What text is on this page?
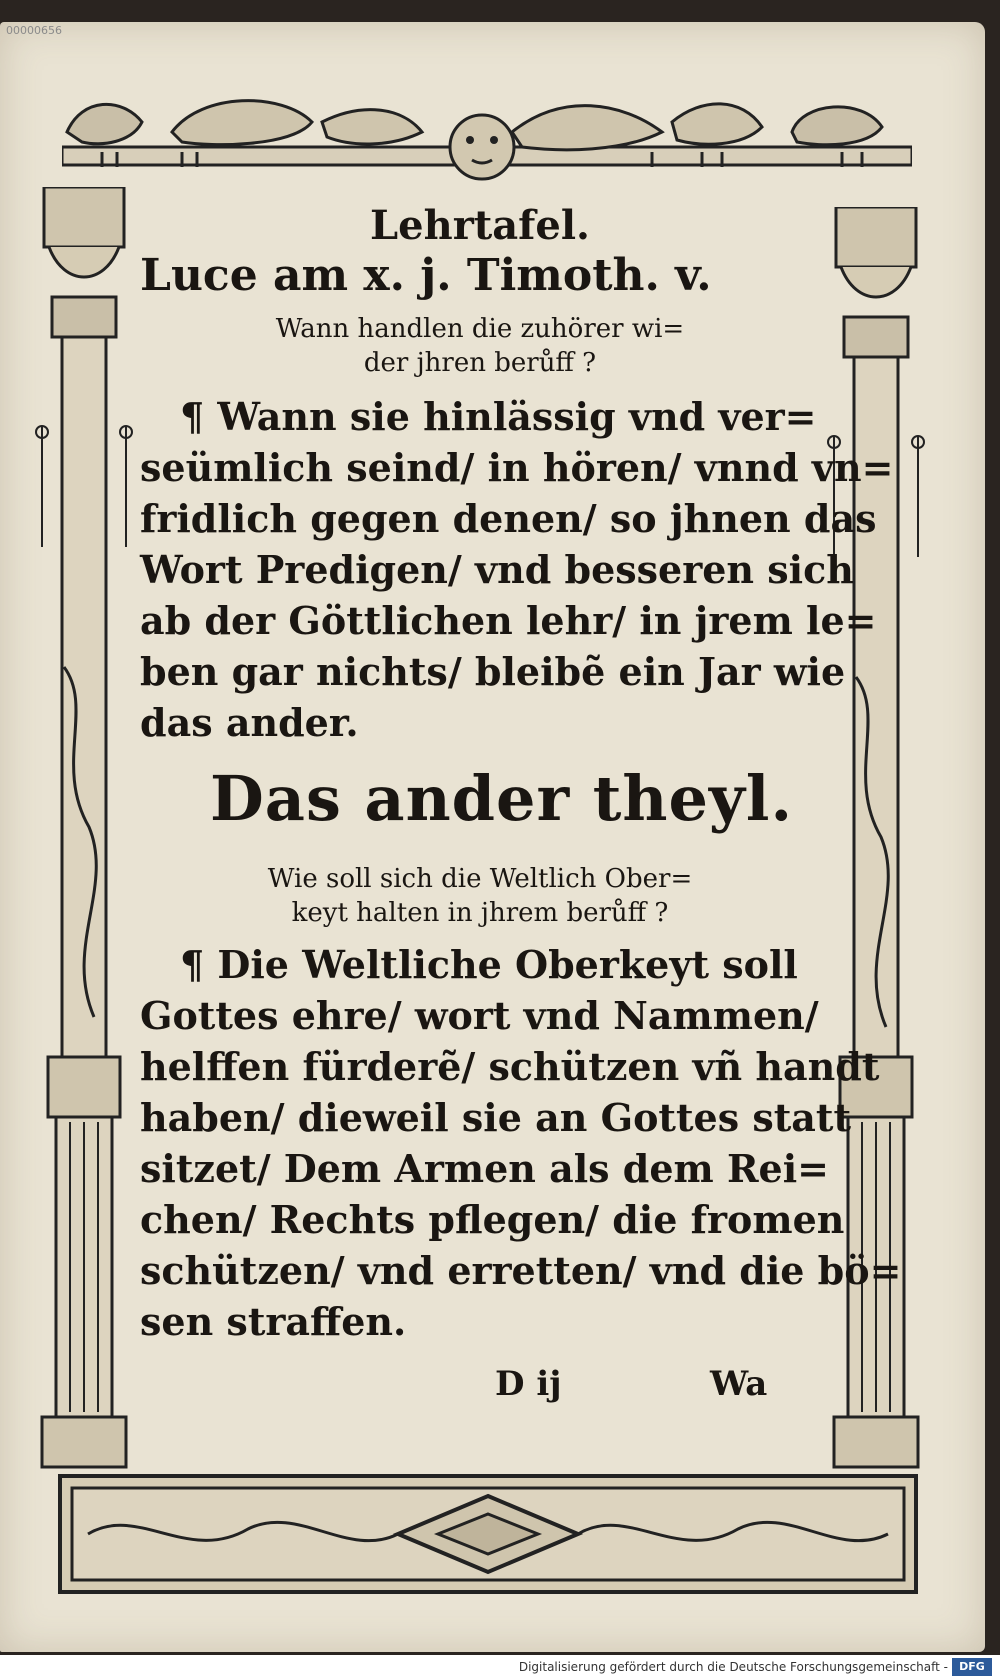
00000656
Lehrtafel.
Luce am x. j. Timoth. v.
Wann handlen die zuhörer wi=
der jhren berůff ?
¶ Wann sie hinlässig vnd ver=
seümlich seind/ in hören/ vnnd vn=
fridlich gegen denen/ so jhnen das
Wort Predigen/ vnd besseren sich
ab der Göttlichen lehr/ in jrem le=
ben gar nichts/ bleibẽ ein Jar wie
das ander.
Das ander theyl.
Wie soll sich die Weltlich Ober=
keyt halten in jhrem berůff ?
¶ Die Weltliche Oberkeyt soll
Gottes ehre/ wort vnd Nammen/
helffen fürderẽ/ schützen vñ handt
haben/ dieweil sie an Gottes statt
sitzet/ Dem Armen als dem Rei=
chen/ Rechts pflegen/ die fromen
schützen/ vnd erretten/ vnd die bö=
sen straffen.
D ij	Wa
Digitalisierung gefördert durch die Deutsche Forschungsgemeinschaft -	DFG
